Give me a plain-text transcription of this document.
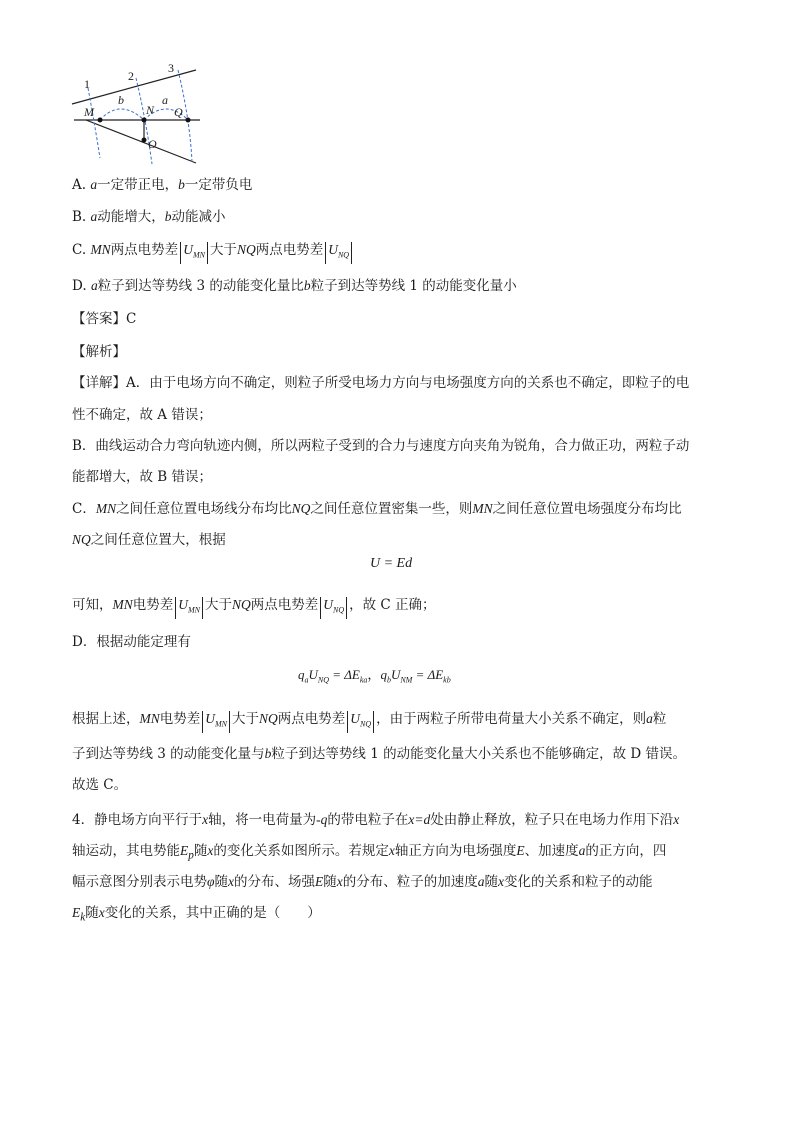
1
2
3
M
b
N
a
Q
O
A. a一定带正电，b一定带负电
B. a动能增大，b动能减小
C. MN两点电势差 $U_{MN}$ 大于NQ两点电势差 $U_{NQ}$
D. a粒子到达等势线 3 的动能变化量比b粒子到达等势线 1 的动能变化量小
【答案】C
【解析】
【详解】A．由于电场方向不确定，则粒子所受电场力方向与电场强度方向的关系也不确定，即粒子的电
性不确定，故 A 错误；
B．曲线运动合力弯向轨迹内侧，所以两粒子受到的合力与速度方向夹角为锐角，合力做正功，两粒子动
能都增大，故 B 错误；
C．MN之间任意位置电场线分布均比NQ之间任意位置密集一些，则MN之间任意位置电场强度分布均比
NQ之间任意位置大，根据
U = Ed
可知，MN电势差 $U_{MN}$ 大于NQ两点电势差 $U_{NQ}$ ，故 C 正确；
D．根据动能定理有
$q_aU_{NQ} = \Delta E_{ka}$，$q_bU_{NM} = \Delta E_{kb}$
根据上述，MN电势差 $U_{MN}$ 大于NQ两点电势差 $U_{NQ}$ ，由于两粒子所带电荷量大小关系不确定，则a粒
子到达等势线 3 的动能变化量与b粒子到达等势线 1 的动能变化量大小关系也不能够确定，故 D 错误。
故选 C。
4．静电场方向平行于x轴，将一电荷量为-q的带电粒子在x=d处由静止释放，粒子只在电场力作用下沿x
轴运动，其电势能$E_p$随x的变化关系如图所示。若规定x轴正方向为电场强度E、加速度a的正方向，四
幅示意图分别表示电势φ随x的分布、场强E随x的分布、粒子的加速度a随x变化的关系和粒子的动能
$E_k$随x变化的关系，其中正确的是（　　）
